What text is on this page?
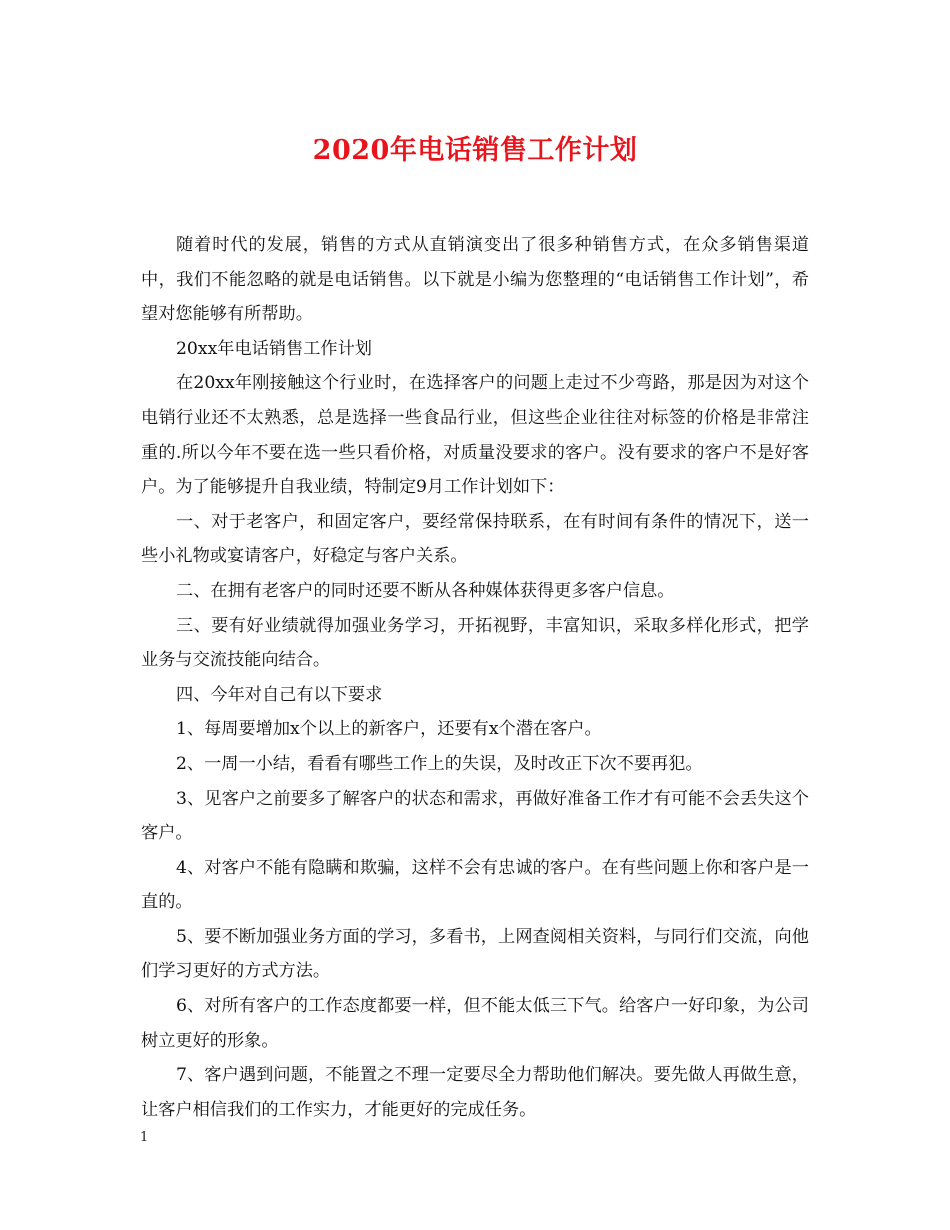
2020年电话销售工作计划

随着时代的发展，销售的方式从直销演变出了很多种销售方式，在众多销售渠道中，我们不能忽略的就是电话销售。以下就是小编为您整理的“电话销售工作计划”，希望对您能够有所帮助。

20xx年电话销售工作计划

在20xx年刚接触这个行业时，在选择客户的问题上走过不少弯路，那是因为对这个电销行业还不太熟悉，总是选择一些食品行业，但这些企业往往对标签的价格是非常注重的.所以今年不要在选一些只看价格，对质量没要求的客户。没有要求的客户不是好客户。为了能够提升自我业绩，特制定9月工作计划如下：

一、对于老客户，和固定客户，要经常保持联系，在有时间有条件的情况下，送一些小礼物或宴请客户，好稳定与客户关系。

二、在拥有老客户的同时还要不断从各种媒体获得更多客户信息。

三、要有好业绩就得加强业务学习，开拓视野，丰富知识，采取多样化形式，把学业务与交流技能向结合。

四、今年对自己有以下要求

1、每周要增加x个以上的新客户，还要有x个潜在客户。

2、一周一小结，看看有哪些工作上的失误，及时改正下次不要再犯。

3、见客户之前要多了解客户的状态和需求，再做好准备工作才有可能不会丢失这个客户。

4、对客户不能有隐瞒和欺骗，这样不会有忠诚的客户。在有些问题上你和客户是一直的。

5、要不断加强业务方面的学习，多看书，上网查阅相关资料，与同行们交流，向他们学习更好的方式方法。

6、对所有客户的工作态度都要一样，但不能太低三下气。给客户一好印象，为公司树立更好的形象。

7、客户遇到问题，不能置之不理一定要尽全力帮助他们解决。要先做人再做生意，让客户相信我们的工作实力，才能更好的完成任务。

1
